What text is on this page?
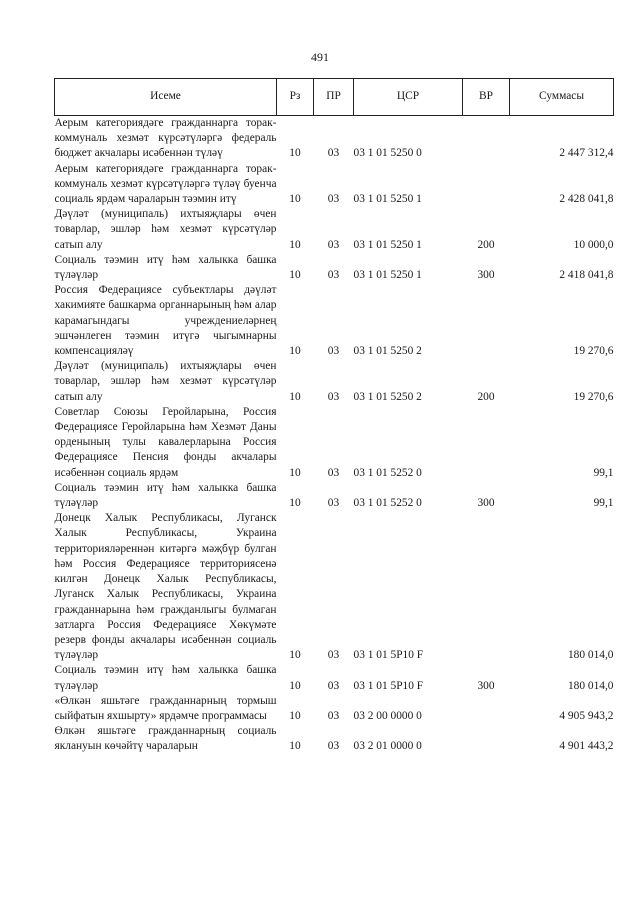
491
Исеме	Рз	ПР	ЦСР	ВР	Суммасы
Аерым категориядәге гражданнарга торак-коммуналь хезмәт күрсәтүләргә федераль бюджет акчалары исәбеннән түләү	10	03	03 1 01 5250 0		2 447 312,4
Аерым категориядәге гражданнарга торак-коммуналь хезмәт күрсәтүләргә түләү буенча социаль ярдәм чараларын тәэмин итү	10	03	03 1 01 5250 1		2 428 041,8
Дәүләт (муниципаль) ихтыяҗлары өчен товарлар, эшләр һәм хезмәт күрсәтүләр сатып алу	10	03	03 1 01 5250 1	200	10 000,0
Социаль тәэмин итү һәм халыкка башка түләүләр	10	03	03 1 01 5250 1	300	2 418 041,8
Россия Федерациясе субъектлары дәүләт хакимияте башкарма органнарының һәм алар карамагындагы учреждениеләрнең эшчәнлеген тәэмин итүгә чыгымнарны компенсацияләү	10	03	03 1 01 5250 2		19 270,6
Дәүләт (муниципаль) ихтыяҗлары өчен товарлар, эшләр һәм хезмәт күрсәтүләр сатып алу	10	03	03 1 01 5250 2	200	19 270,6
Советлар Союзы Геройларына, Россия Федерациясе Геройларына һәм Хезмәт Даны орденының тулы кавалерларына Россия Федерациясе Пенсия фонды акчалары исәбеннән социаль ярдәм	10	03	03 1 01 5252 0		99,1
Социаль тәэмин итү һәм халыкка башка түләүләр	10	03	03 1 01 5252 0	300	99,1
Донецк Халык Республикасы, Луганск Халык Республикасы, Украина территорияләреннән китәргә мәҗбүр булган һәм Россия Федерациясе территориясенә килгән Донецк Халык Республикасы, Луганск Халык Республикасы, Украина гражданнарына һәм гражданлыгы булмаган затларга Россия Федерациясе Хөкүмәте резерв фонды акчалары исәбеннән социаль түләүләр	10	03	03 1 01 5Р10 F		180 014,0
Социаль тәэмин итү һәм халыкка башка түләүләр	10	03	03 1 01 5Р10 F	300	180 014,0
«Өлкән яшьтәге гражданнарның тормыш сыйфатын яхшырту» ярдәмче программасы	10	03	03 2 00 0000 0		4 905 943,2
Өлкән яшьтәге гражданнарның социаль яклануын көчәйтү чараларын	10	03	03 2 01 0000 0		4 901 443,2
